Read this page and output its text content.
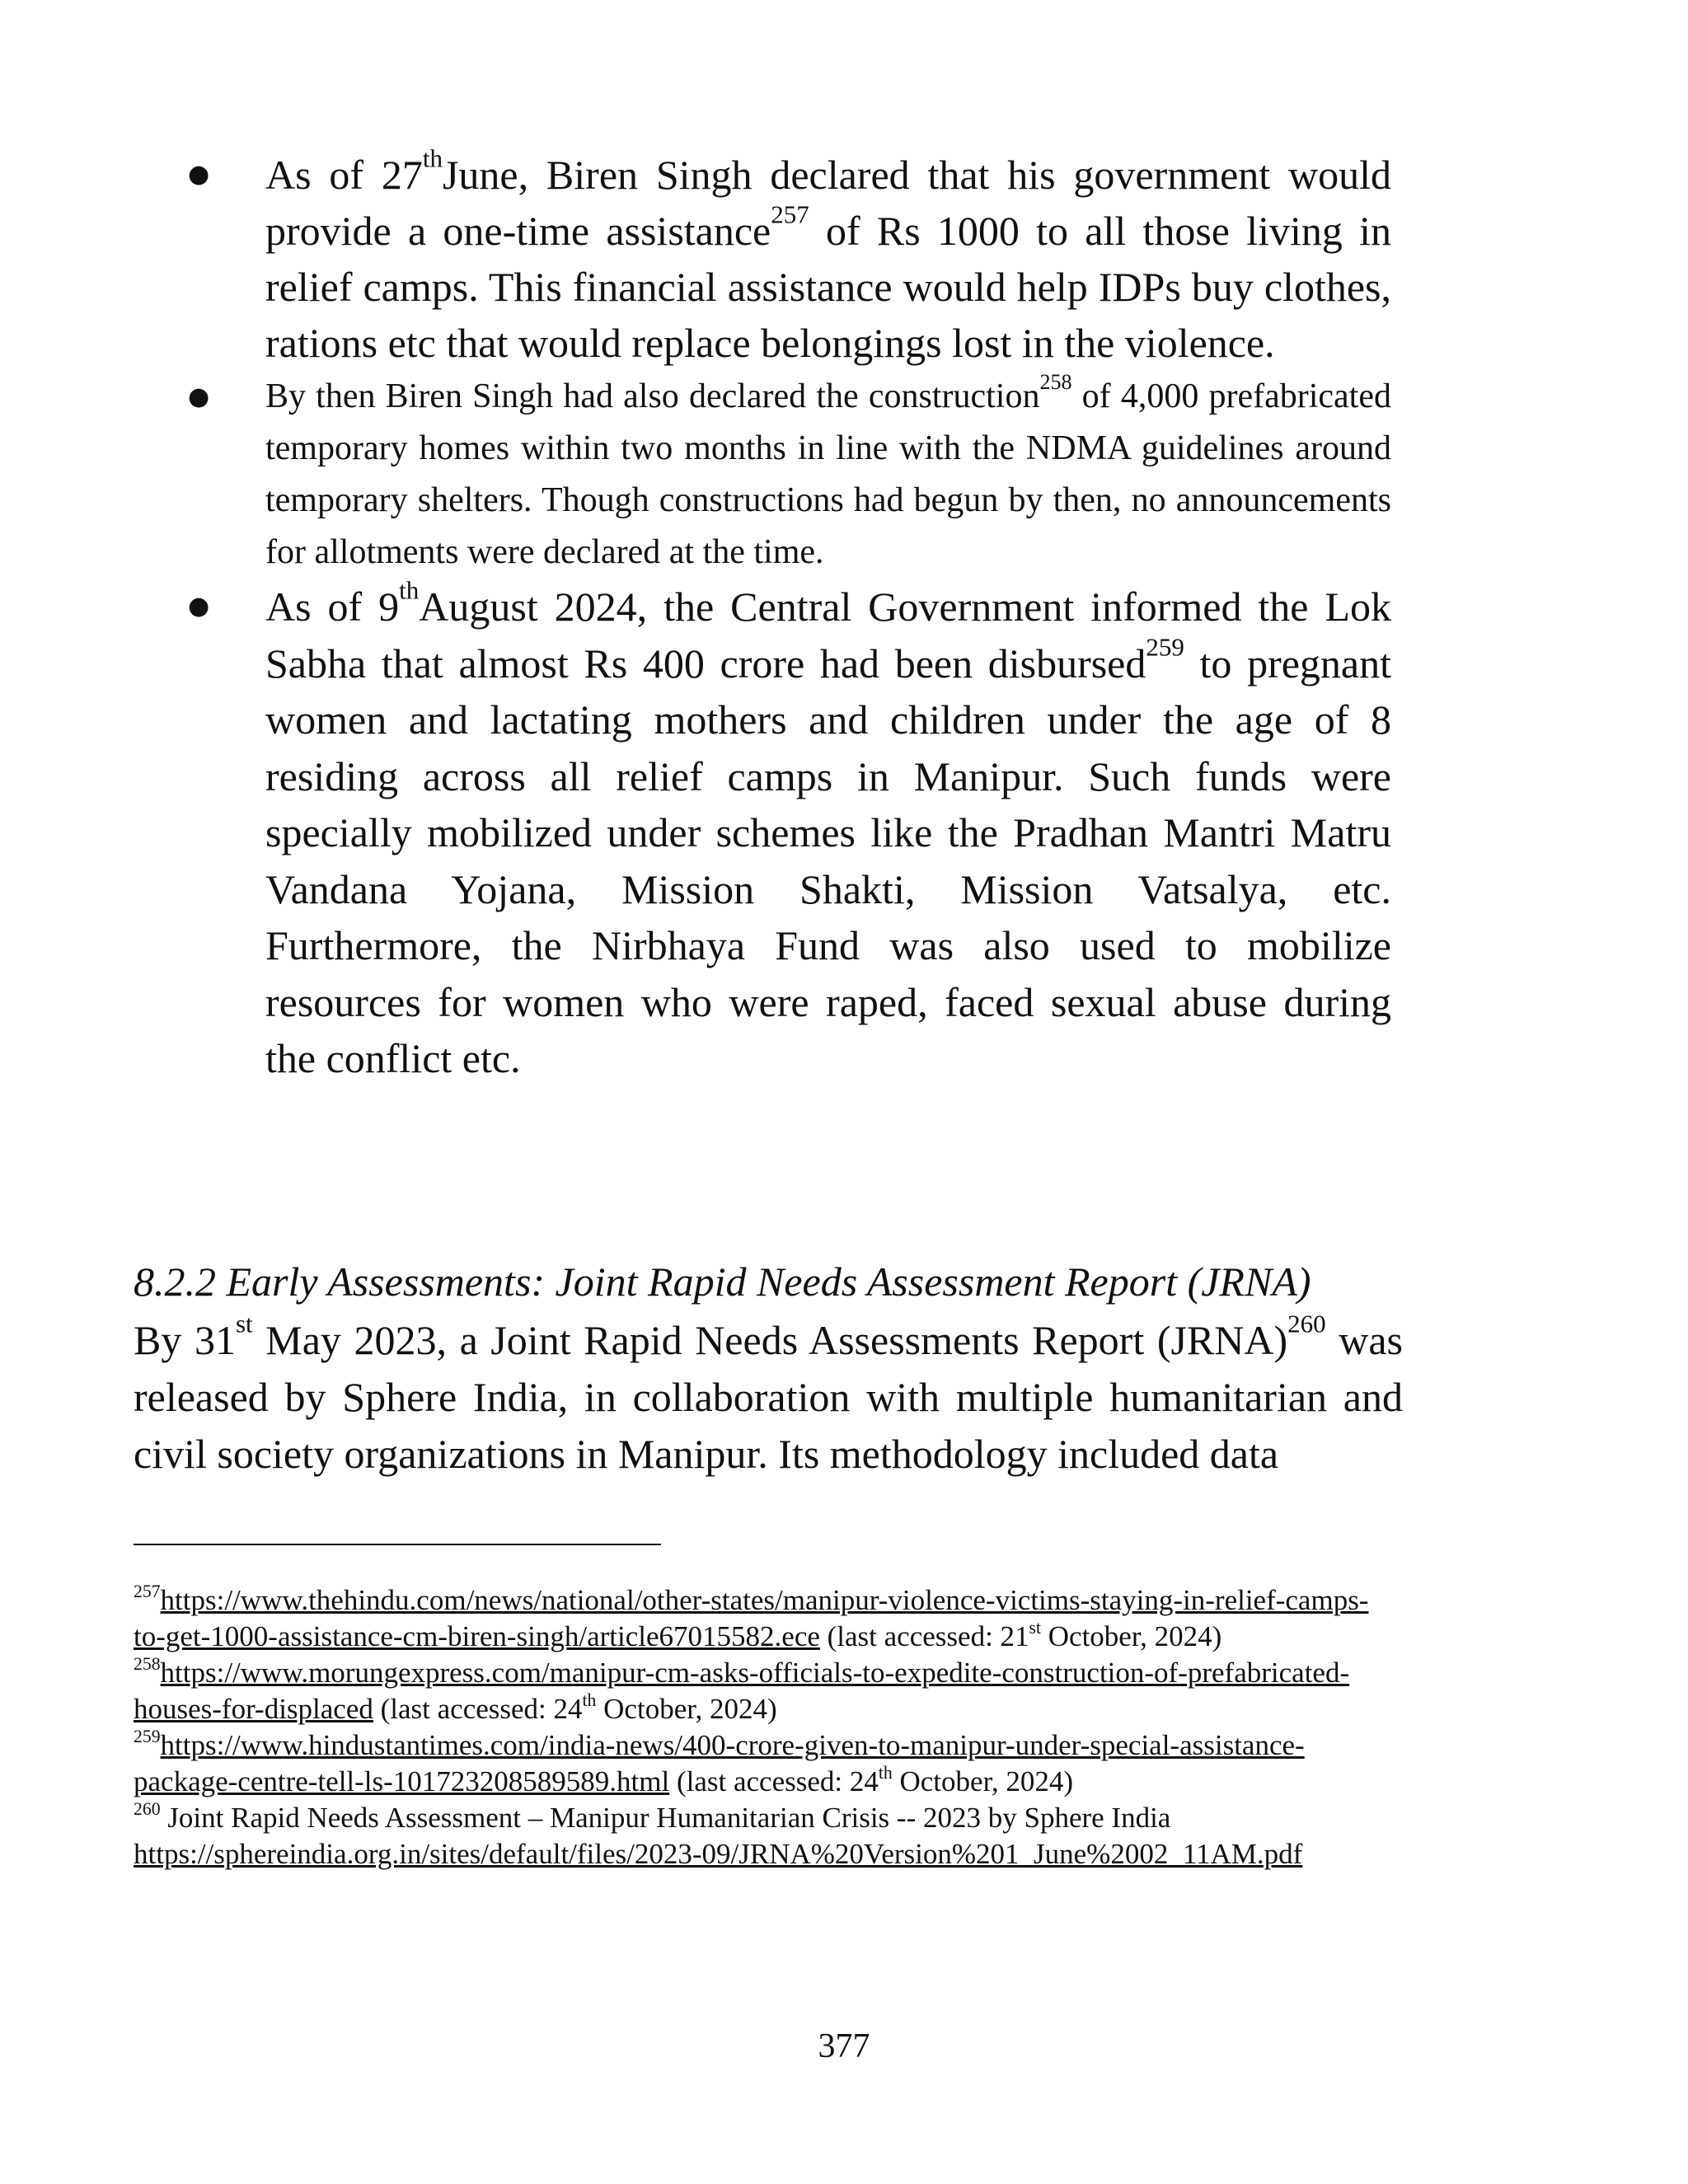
● As of 27thJune, Biren Singh declared that his government would provide a one-time assistance$^{257}$ of Rs 1000 to all those living in relief camps. This financial assistance would help IDPs buy clothes, rations etc that would replace belongings lost in the violence.
● By then Biren Singh had also declared the construction$^{258}$ of 4,000 prefabricated temporary homes within two months in line with the NDMA guidelines around temporary shelters. Though constructions had begun by then, no announcements for allotments were declared at the time.
● As of 9thAugust 2024, the Central Government informed the Lok Sabha that almost Rs 400 crore had been disbursed$^{259}$ to pregnant women and lactating mothers and children under the age of 8 residing across all relief camps in Manipur. Such funds were specially mobilized under schemes like the Pradhan Mantri Matru Vandana Yojana, Mission Shakti, Mission Vatsalya, etc. Furthermore, the Nirbhaya Fund was also used to mobilize resources for women who were raped, faced sexual abuse during the conflict etc.
8.2.2 Early Assessments: Joint Rapid Needs Assessment Report (JRNA)

By 31st May 2023, a Joint Rapid Needs Assessments Report (JRNA)$^{260}$ was released by Sphere India, in collaboration with multiple humanitarian and civil society organizations in Manipur. Its methodology included data

$^{257}$https://www.thehindu.com/news/national/other-states/manipur-violence-victims-staying-in-relief-camps-to-get-1000-assistance-cm-biren-singh/article67015582.ece (last accessed: 21st October, 2024)

$^{258}$https://www.morungexpress.com/manipur-cm-asks-officials-to-expedite-construction-of-prefabricated-houses-for-displaced (last accessed: 24th October, 2024)

$^{259}$https://www.hindustantimes.com/india-news/400-crore-given-to-manipur-under-special-assistance-package-centre-tell-ls-101723208589589.html (last accessed: 24th October, 2024)

$^{260}$ Joint Rapid Needs Assessment – Manipur Humanitarian Crisis -- 2023 by Sphere India https://sphereindia.org.in/sites/default/files/2023-09/JRNA%20Version%201_June%2002_11AM.pdf

377
